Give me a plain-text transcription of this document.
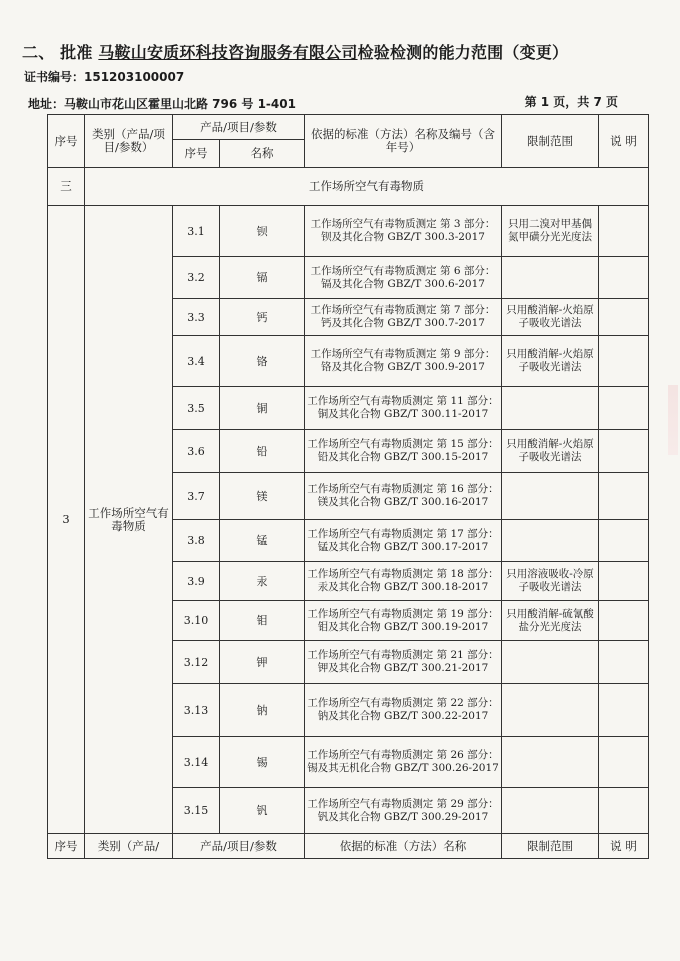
二、 批准 马鞍山安质环科技咨询服务有限公司检验检测的能力范围（变更）
证书编号：151203100007
地址：马鞍山市花山区霍里山北路 796 号 1-401	第 1 页，共 7 页
序号	类别（产品/项目/参数）	产品/项目/参数		依据的标准（方法）名称及编号（含年号）	限制范围	说 明
		序号	名称			
三	工作场所空气有毒物质					
3	工作场所空气有毒物质	3.1	钡	工作场所空气有毒物质测定 第 3 部分：钡及其化合物 GBZ/T 300.3-2017	只用二溴对甲基偶氮甲磺分光光度法	
		3.2	镉	工作场所空气有毒物质测定 第 6 部分：镉及其化合物 GBZ/T 300.6-2017		
		3.3	钙	工作场所空气有毒物质测定 第 7 部分：钙及其化合物 GBZ/T 300.7-2017	只用酸消解-火焰原子吸收光谱法	
		3.4	铬	工作场所空气有毒物质测定 第 9 部分：铬及其化合物 GBZ/T 300.9-2017	只用酸消解-火焰原子吸收光谱法	
		3.5	铜	工作场所空气有毒物质测定 第 11 部分：铜及其化合物 GBZ/T 300.11-2017		
		3.6	铅	工作场所空气有毒物质测定 第 15 部分：铅及其化合物 GBZ/T 300.15-2017	只用酸消解-火焰原子吸收光谱法	
		3.7	镁	工作场所空气有毒物质测定 第 16 部分：镁及其化合物 GBZ/T 300.16-2017		
		3.8	锰	工作场所空气有毒物质测定 第 17 部分：锰及其化合物 GBZ/T 300.17-2017		
		3.9	汞	工作场所空气有毒物质测定 第 18 部分：汞及其化合物 GBZ/T 300.18-2017	只用溶液吸收-冷原子吸收光谱法	
		3.10	钼	工作场所空气有毒物质测定 第 19 部分：钼及其化合物 GBZ/T 300.19-2017	只用酸消解-硫氰酸盐分光光度法	
		3.12	钾	工作场所空气有毒物质测定 第 21 部分：钾及其化合物 GBZ/T 300.21-2017		
		3.13	钠	工作场所空气有毒物质测定 第 22 部分：钠及其化合物 GBZ/T 300.22-2017		
		3.14	锡	工作场所空气有毒物质测定 第 26 部分：锡及其无机化合物 GBZ/T 300.26-2017		
		3.15	钒	工作场所空气有毒物质测定 第 29 部分：钒及其化合物 GBZ/T 300.29-2017		
序号	类别（产品/	产品/项目/参数		依据的标准（方法）名称	限制范围	说 明
